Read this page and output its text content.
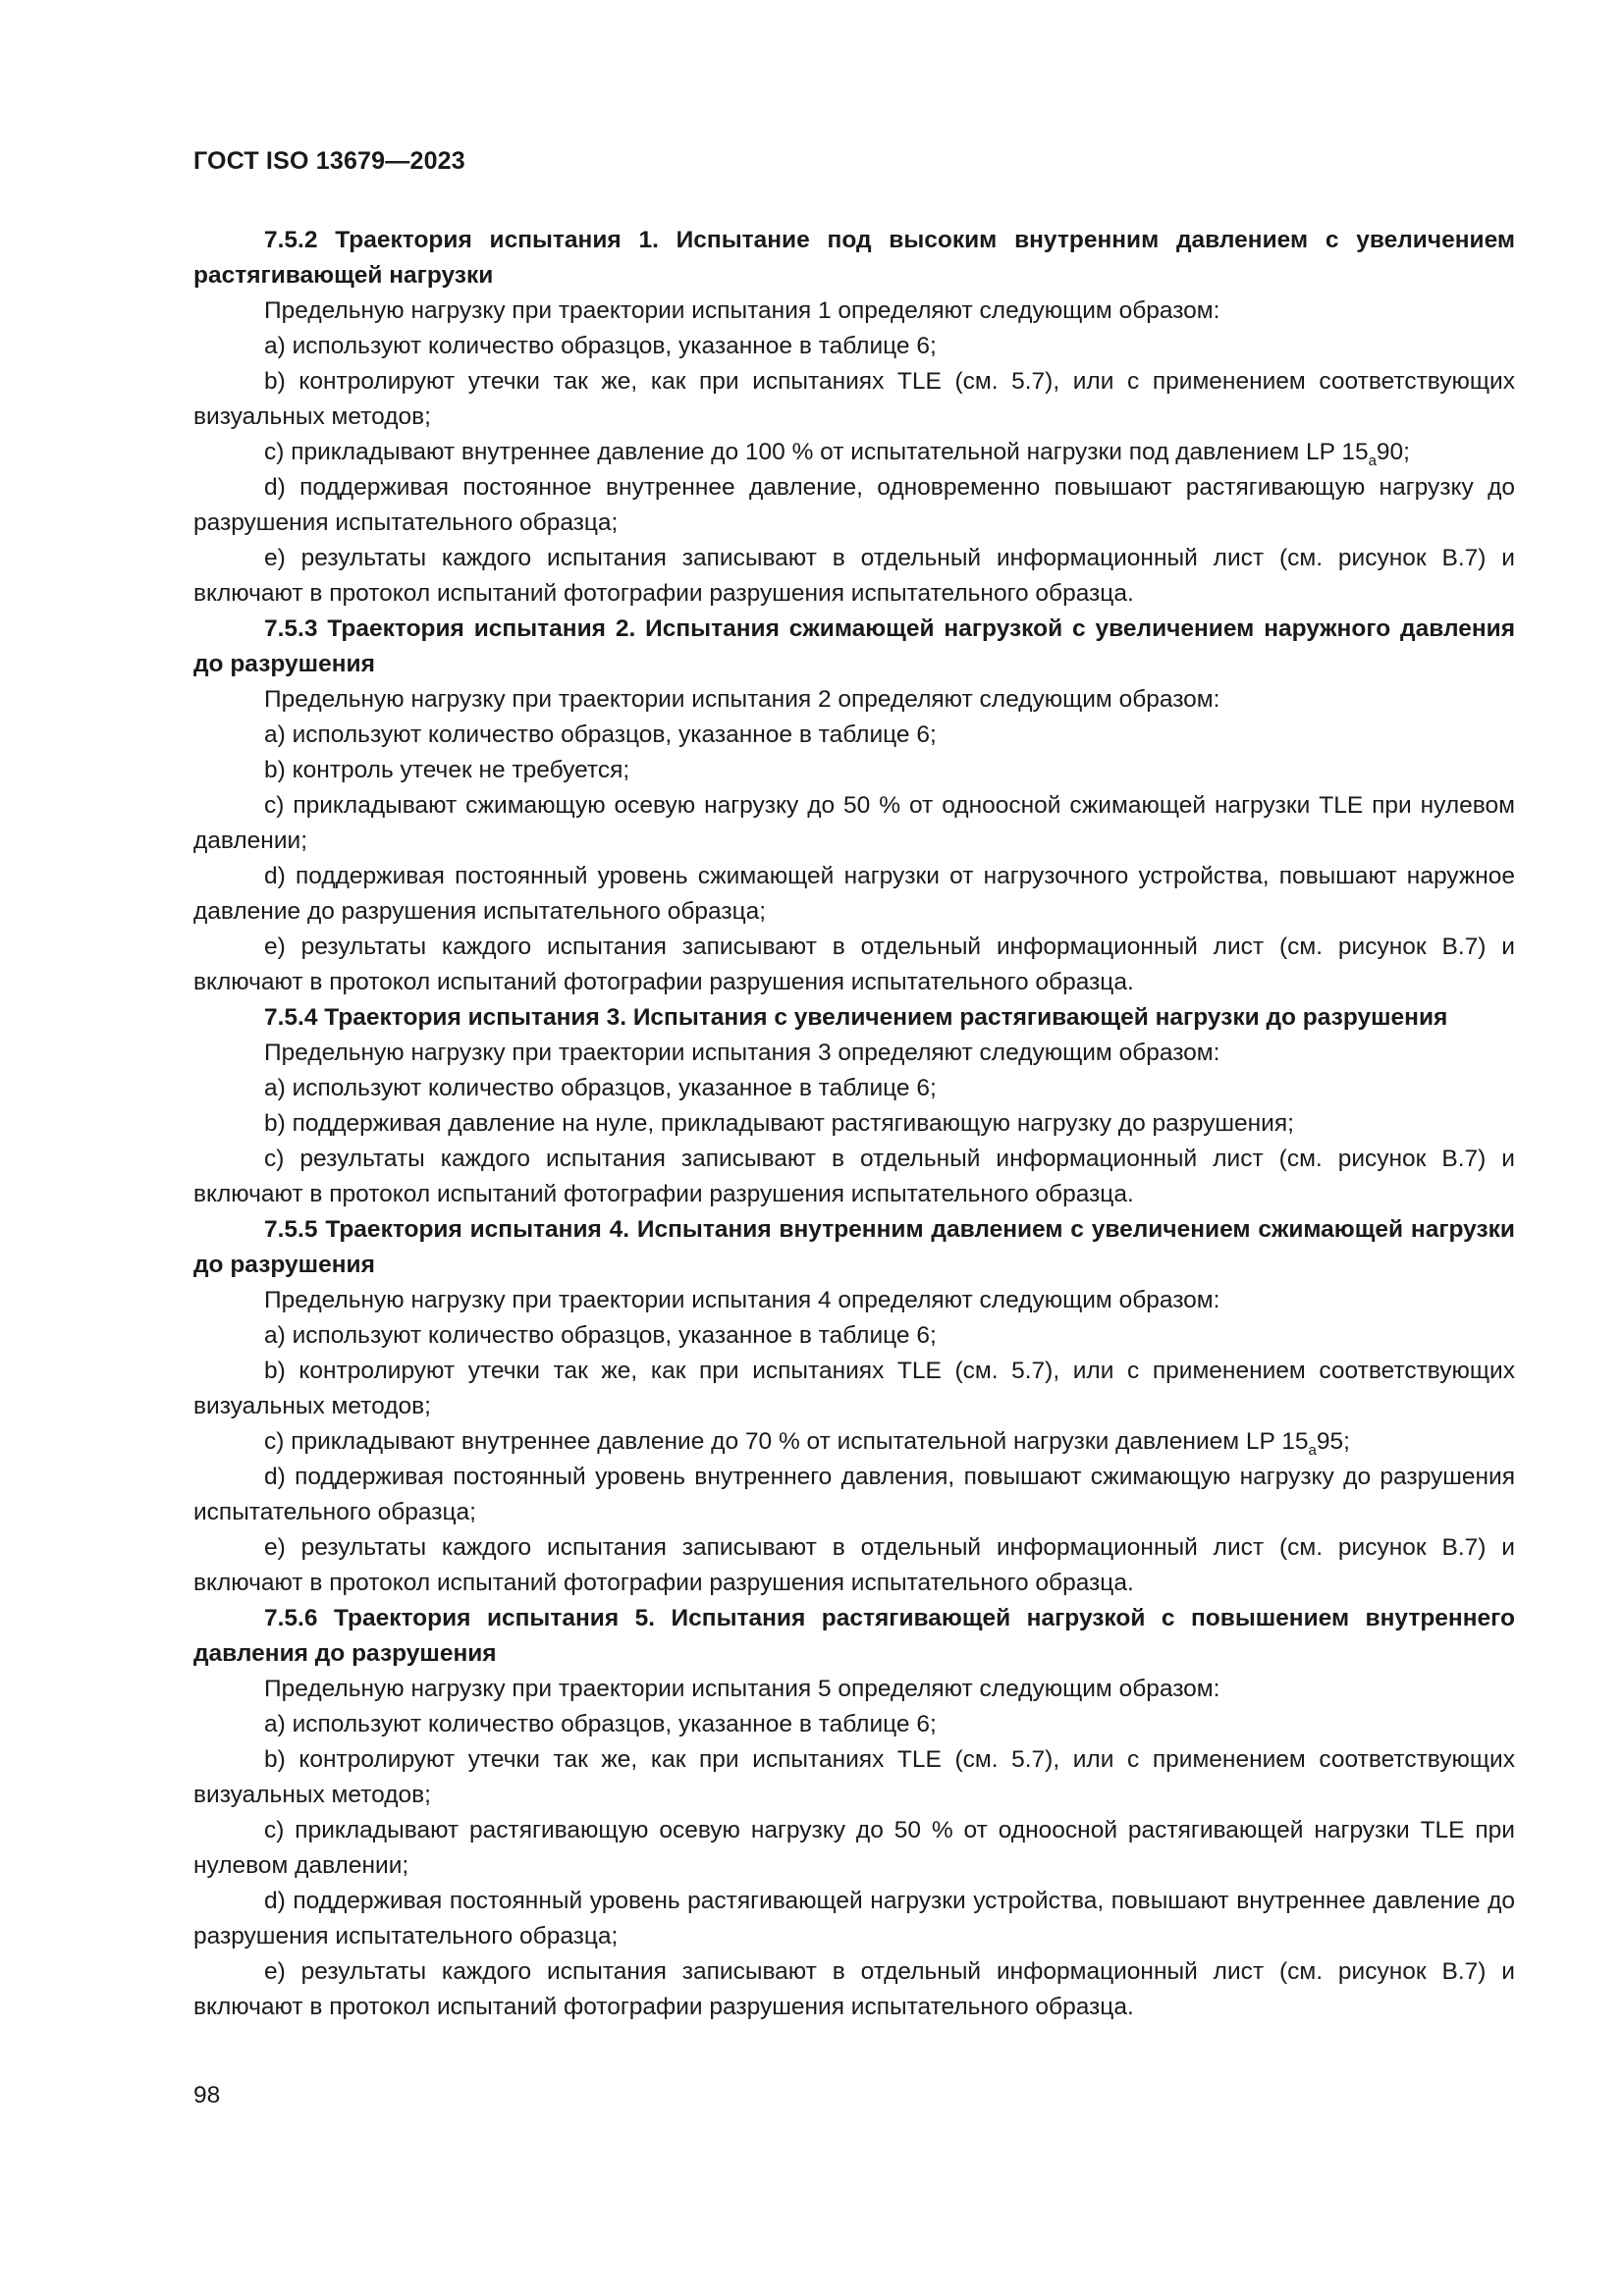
ГОСТ ISO 13679—2023

7.5.2 Траектория испытания 1. Испытание под высоким внутренним давлением с увеличением растягивающей нагрузки

Предельную нагрузку при траектории испытания 1 определяют следующим образом:

a) используют количество образцов, указанное в таблице 6;

b) контролируют утечки так же, как при испытаниях TLE (см. 5.7), или с применением соответствующих визуальных методов;

c) прикладывают внутреннее давление до 100 % от испытательной нагрузки под давлением LP $15_a90$;

d) поддерживая постоянное внутреннее давление, одновременно повышают растягивающую нагрузку до разрушения испытательного образца;

e) результаты каждого испытания записывают в отдельный информационный лист (см. рисунок В.7) и включают в протокол испытаний фотографии разрушения испытательного образца.

7.5.3 Траектория испытания 2. Испытания сжимающей нагрузкой с увеличением наружного давления до разрушения

Предельную нагрузку при траектории испытания 2 определяют следующим образом:

a) используют количество образцов, указанное в таблице 6;

b) контроль утечек не требуется;

c) прикладывают сжимающую осевую нагрузку до 50 % от одноосной сжимающей нагрузки TLE при нулевом давлении;

d) поддерживая постоянный уровень сжимающей нагрузки от нагрузочного устройства, повышают наружное давление до разрушения испытательного образца;

e) результаты каждого испытания записывают в отдельный информационный лист (см. рисунок В.7) и включают в протокол испытаний фотографии разрушения испытательного образца.

7.5.4 Траектория испытания 3. Испытания с увеличением растягивающей нагрузки до разрушения

Предельную нагрузку при траектории испытания 3 определяют следующим образом:

a) используют количество образцов, указанное в таблице 6;

b) поддерживая давление на нуле, прикладывают растягивающую нагрузку до разрушения;

c) результаты каждого испытания записывают в отдельный информационный лист (см. рисунок В.7) и включают в протокол испытаний фотографии разрушения испытательного образца.

7.5.5 Траектория испытания 4. Испытания внутренним давлением с увеличением сжимающей нагрузки до разрушения

Предельную нагрузку при траектории испытания 4 определяют следующим образом:

a) используют количество образцов, указанное в таблице 6;

b) контролируют утечки так же, как при испытаниях TLE (см. 5.7), или с применением соответствующих визуальных методов;

c) прикладывают внутреннее давление до 70 % от испытательной нагрузки давлением LP $15_a95$;

d) поддерживая постоянный уровень внутреннего давления, повышают сжимающую нагрузку до разрушения испытательного образца;

e) результаты каждого испытания записывают в отдельный информационный лист (см. рисунок В.7) и включают в протокол испытаний фотографии разрушения испытательного образца.

7.5.6 Траектория испытания 5. Испытания растягивающей нагрузкой с повышением внутреннего давления до разрушения

Предельную нагрузку при траектории испытания 5 определяют следующим образом:

a) используют количество образцов, указанное в таблице 6;

b) контролируют утечки так же, как при испытаниях TLE (см. 5.7), или с применением соответствующих визуальных методов;

c) прикладывают растягивающую осевую нагрузку до 50 % от одноосной растягивающей нагрузки TLE при нулевом давлении;

d) поддерживая постоянный уровень растягивающей нагрузки устройства, повышают внутреннее давление до разрушения испытательного образца;

e) результаты каждого испытания записывают в отдельный информационный лист (см. рисунок В.7) и включают в протокол испытаний фотографии разрушения испытательного образца.

98
